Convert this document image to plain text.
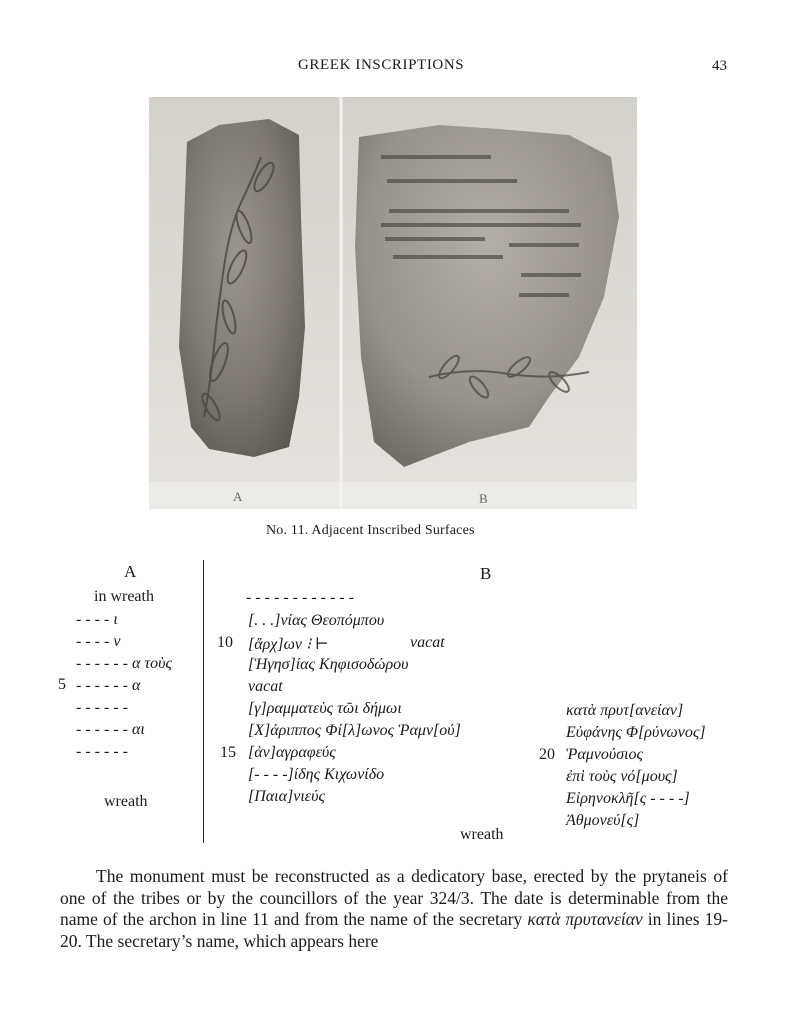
GREEK INSCRIPTIONS	43
A	B
No. 11. Adjacent Inscribed Surfaces
A
in wreath
- - - - ι
- - - - ν
- - - - - - α τοὺς
5 - - - - - - α
- - - - - -
- - - - - - αι
- - - - - -
wreath
B
- - - - - - - - - - - -
[. . .]νίας Θεοπόμπου
10 [ἄρχ]ων ⁝ ⊢	vacat
[Ἡγησ]ίας Κηφισοδώρου
vacat
[γ]ραμματεὺς τῶι δήμωι
[Χ]άριππος Φί[λ]ωνος Ῥαμν[ού]
15 [ἀν]αγραφεύς
[- - - -]ίδης Κιχωνίδο
[Παια]νιεύς
κατὰ πρυτ[ανείαν]
Εὐφάνης Φ[ρύνωνος]
20 Ῥαμνούσιος
ἐπὶ τοὺς νό[μους]
Εἰρηνοκλῆ[ς - - - -]
Ἀθμονεύ[ς]
wreath

The monument must be reconstructed as a dedicatory base, erected by the prytaneis of one of the tribes or by the councillors of the year 324/3. The date is determinable from the name of the archon in line 11 and from the name of the secretary κατὰ πρυτανείαν in lines 19-20. The secretary’s name, which appears here
